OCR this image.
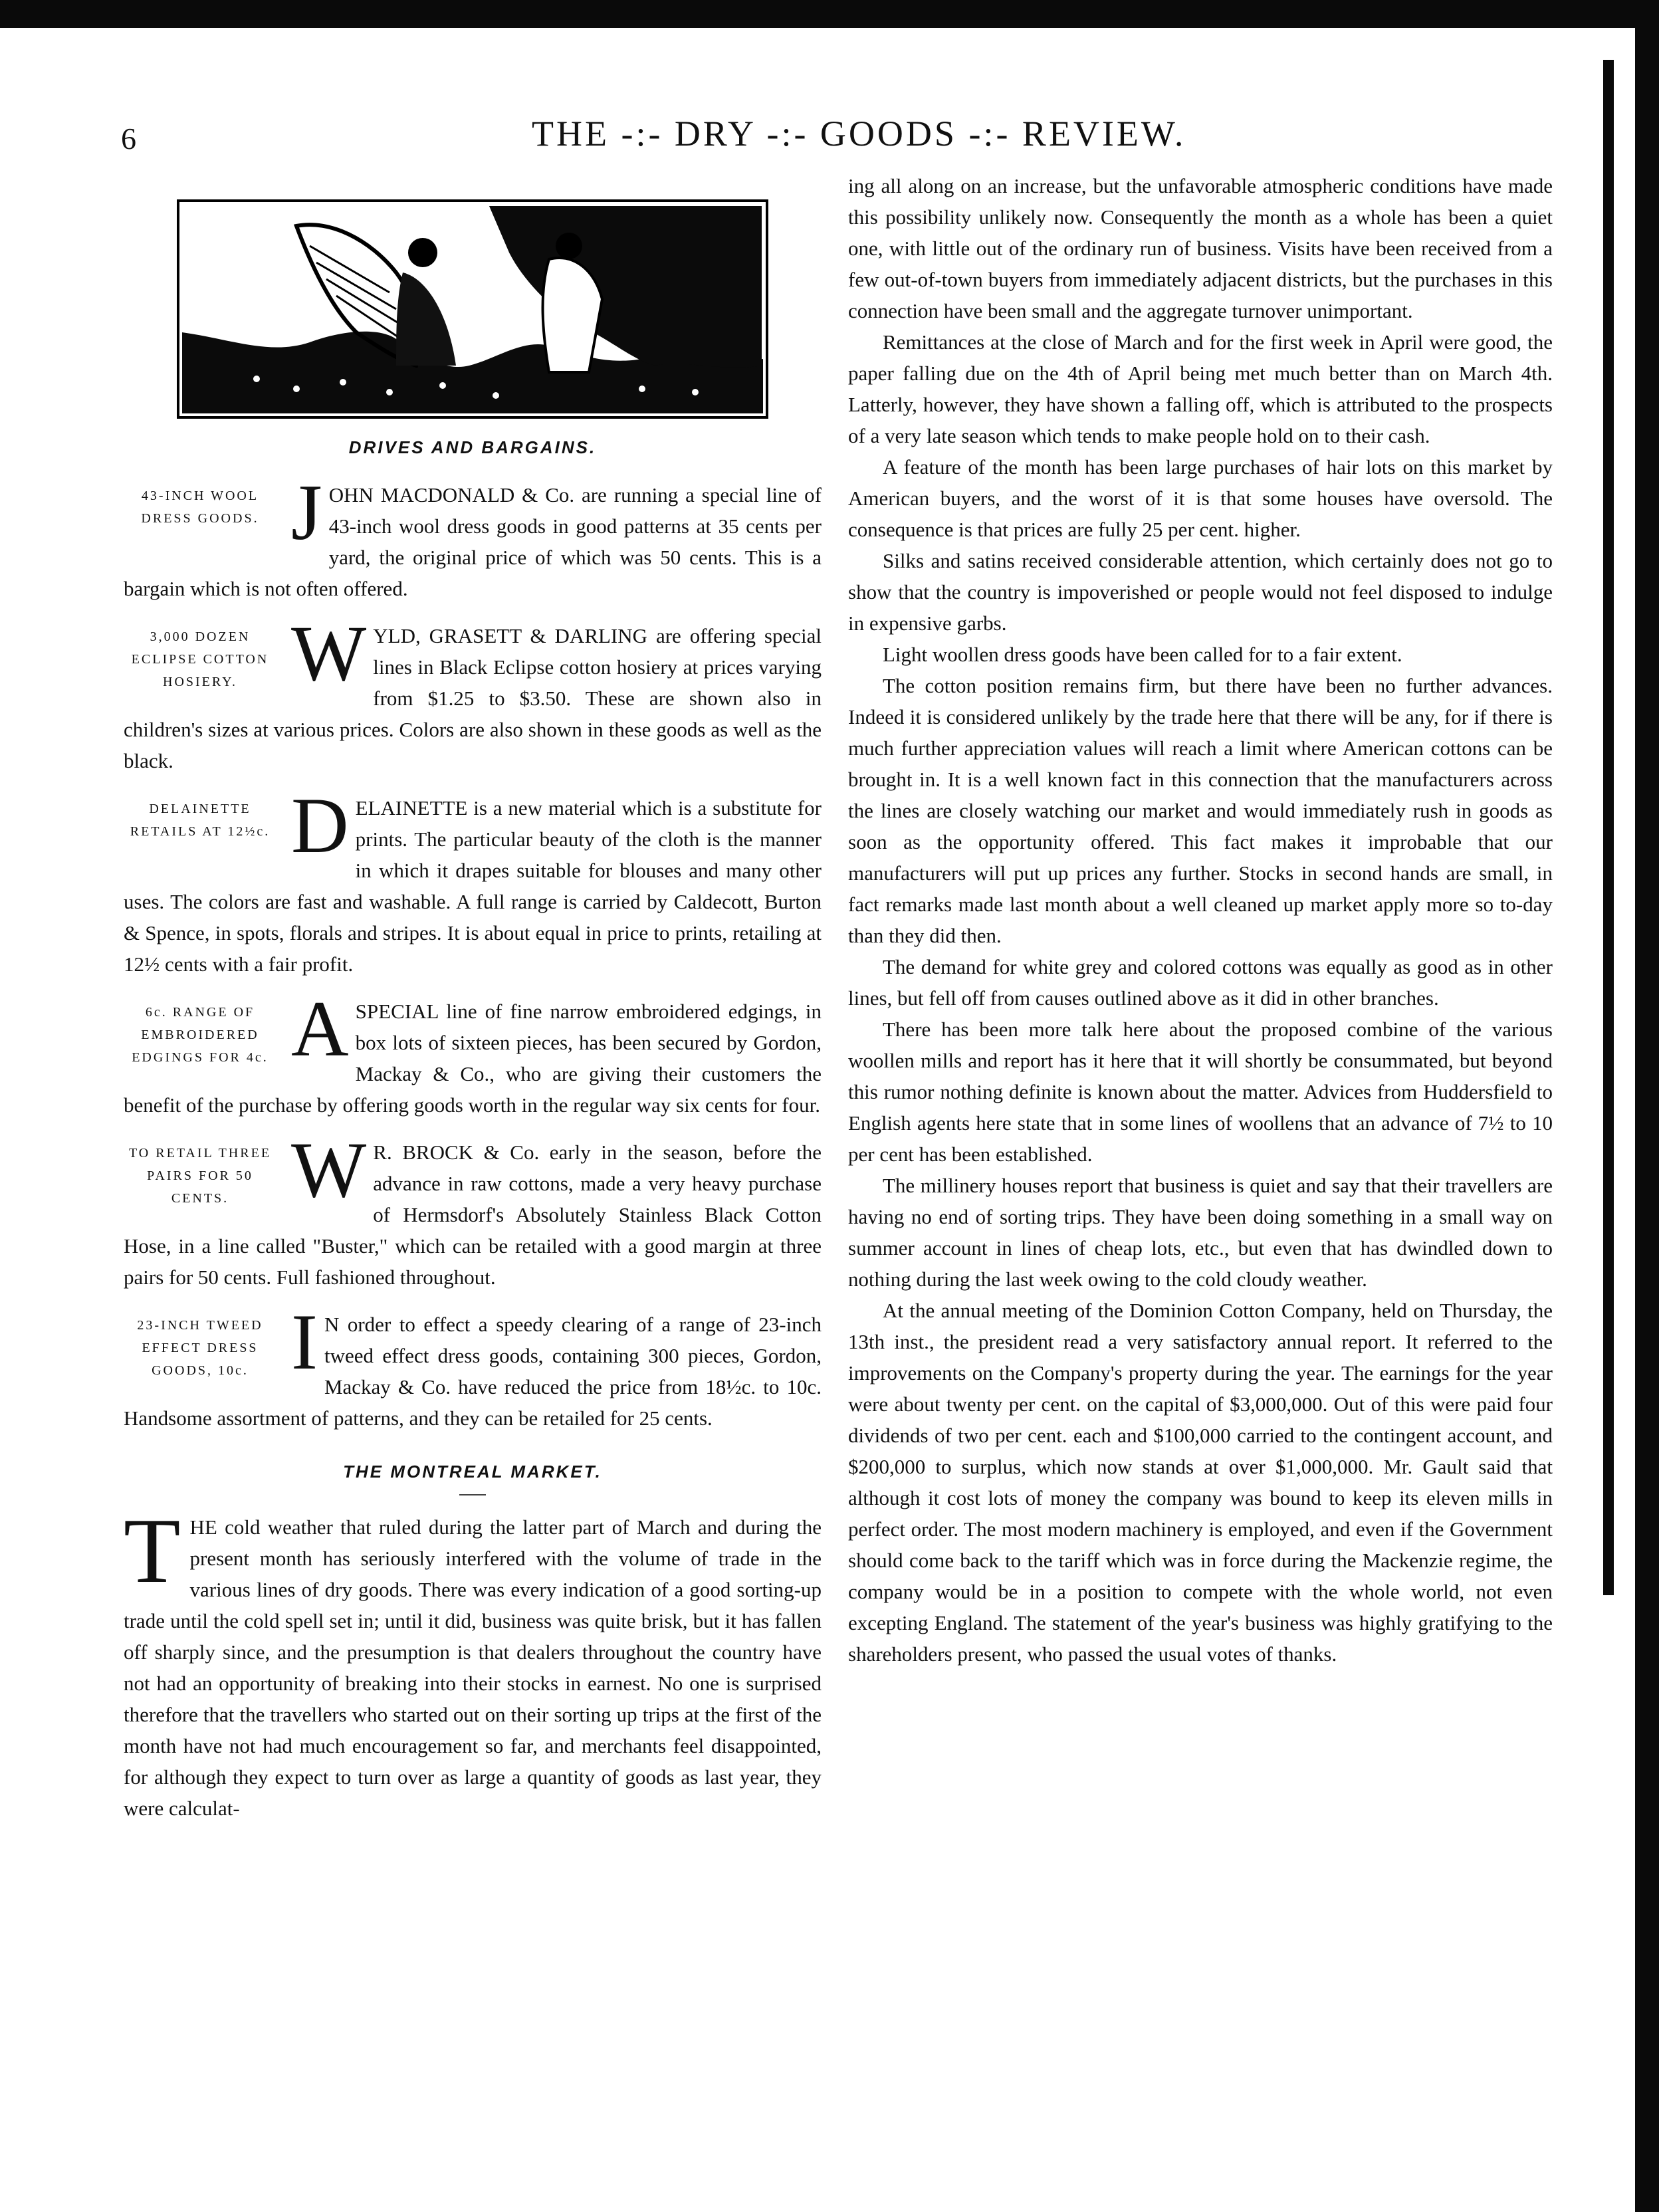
6	THE -:- DRY -:- GOODS -:- REVIEW.
DRIVES AND BARGAINS.
43-INCH WOOL DRESS GOODS. J OHN MACDONALD & Co. are running a special line of 43-inch wool dress goods in good patterns at 35 cents per yard, the original price of which was 50 cents. This is a bargain which is not often offered.
3,000 DOZEN ECLIPSE COTTON HOSIERY. W YLD, GRASETT & DARLING are offering special lines in Black Eclipse cotton hosiery at prices varying from $1.25 to $3.50. These are shown also in children's sizes at various prices. Colors are also shown in these goods as well as the black.
DELAINETTE RETAILS AT 12½c. D ELAINETTE is a new material which is a substitute for prints. The particular beauty of the cloth is the manner in which it drapes suitable for blouses and many other uses. The colors are fast and washable. A full range is carried by Caldecott, Burton & Spence, in spots, florals and stripes. It is about equal in price to prints, retailing at 12½ cents with a fair profit.
6c. RANGE OF EMBROIDERED EDGINGS FOR 4c. A SPECIAL line of fine narrow embroidered edgings, in box lots of sixteen pieces, has been secured by Gordon, Mackay & Co., who are giving their customers the benefit of the purchase by offering goods worth in the regular way six cents for four.
TO RETAIL THREE PAIRS FOR 50 CENTS. W R. BROCK & Co. early in the season, before the advance in raw cottons, made a very heavy purchase of Hermsdorf's Absolutely Stainless Black Cotton Hose, in a line called "Buster," which can be retailed with a good margin at three pairs for 50 cents. Full fashioned throughout.
23-INCH TWEED EFFECT DRESS GOODS, 10c. I N order to effect a speedy clearing of a range of 23-inch tweed effect dress goods, containing 300 pieces, Gordon, Mackay & Co. have reduced the price from 18½c. to 10c. Handsome assortment of patterns, and they can be retailed for 25 cents.
THE MONTREAL MARKET.
T HE cold weather that ruled during the latter part of March and during the present month has seriously interfered with the volume of trade in the various lines of dry goods. There was every indication of a good sorting-up trade until the cold spell set in; until it did, business was quite brisk, but it has fallen off sharply since, and the presumption is that dealers throughout the country have not had an opportunity of breaking into their stocks in earnest. No one is surprised therefore that the travellers who started out on their sorting up trips at the first of the month have not had much encouragement so far, and merchants feel disappointed, for although they expect to turn over as large a quantity of goods as last year, they were calculat-

ing all along on an increase, but the unfavorable atmospheric conditions have made this possibility unlikely now. Consequently the month as a whole has been a quiet one, with little out of the ordinary run of business. Visits have been received from a few out-of-town buyers from immediately adjacent districts, but the purchases in this connection have been small and the aggregate turnover unimportant.

Remittances at the close of March and for the first week in April were good, the paper falling due on the 4th of April being met much better than on March 4th. Latterly, however, they have shown a falling off, which is attributed to the prospects of a very late season which tends to make people hold on to their cash.

A feature of the month has been large purchases of hair lots on this market by American buyers, and the worst of it is that some houses have oversold. The consequence is that prices are fully 25 per cent. higher.

Silks and satins received considerable attention, which certainly does not go to show that the country is impoverished or people would not feel disposed to indulge in expensive garbs.

Light woollen dress goods have been called for to a fair extent.

The cotton position remains firm, but there have been no further advances. Indeed it is considered unlikely by the trade here that there will be any, for if there is much further appreciation values will reach a limit where American cottons can be brought in. It is a well known fact in this connection that the manufacturers across the lines are closely watching our market and would immediately rush in goods as soon as the opportunity offered. This fact makes it improbable that our manufacturers will put up prices any further. Stocks in second hands are small, in fact remarks made last month about a well cleaned up market apply more so to-day than they did then.

The demand for white grey and colored cottons was equally as good as in other lines, but fell off from causes outlined above as it did in other branches.

There has been more talk here about the proposed combine of the various woollen mills and report has it here that it will shortly be consummated, but beyond this rumor nothing definite is known about the matter. Advices from Huddersfield to English agents here state that in some lines of woollens that an advance of 7½ to 10 per cent has been established.

The millinery houses report that business is quiet and say that their travellers are having no end of sorting trips. They have been doing something in a small way on summer account in lines of cheap lots, etc., but even that has dwindled down to nothing during the last week owing to the cold cloudy weather.

At the annual meeting of the Dominion Cotton Company, held on Thursday, the 13th inst., the president read a very satisfactory annual report. It referred to the improvements on the Company's property during the year. The earnings for the year were about twenty per cent. on the capital of $3,000,000. Out of this were paid four dividends of two per cent. each and $100,000 carried to the contingent account, and $200,000 to surplus, which now stands at over $1,000,000. Mr. Gault said that although it cost lots of money the company was bound to keep its eleven mills in perfect order. The most modern machinery is employed, and even if the Government should come back to the tariff which was in force during the Mackenzie regime, the company would be in a position to compete with the whole world, not even excepting England. The statement of the year's business was highly gratifying to the shareholders present, who passed the usual votes of thanks.
